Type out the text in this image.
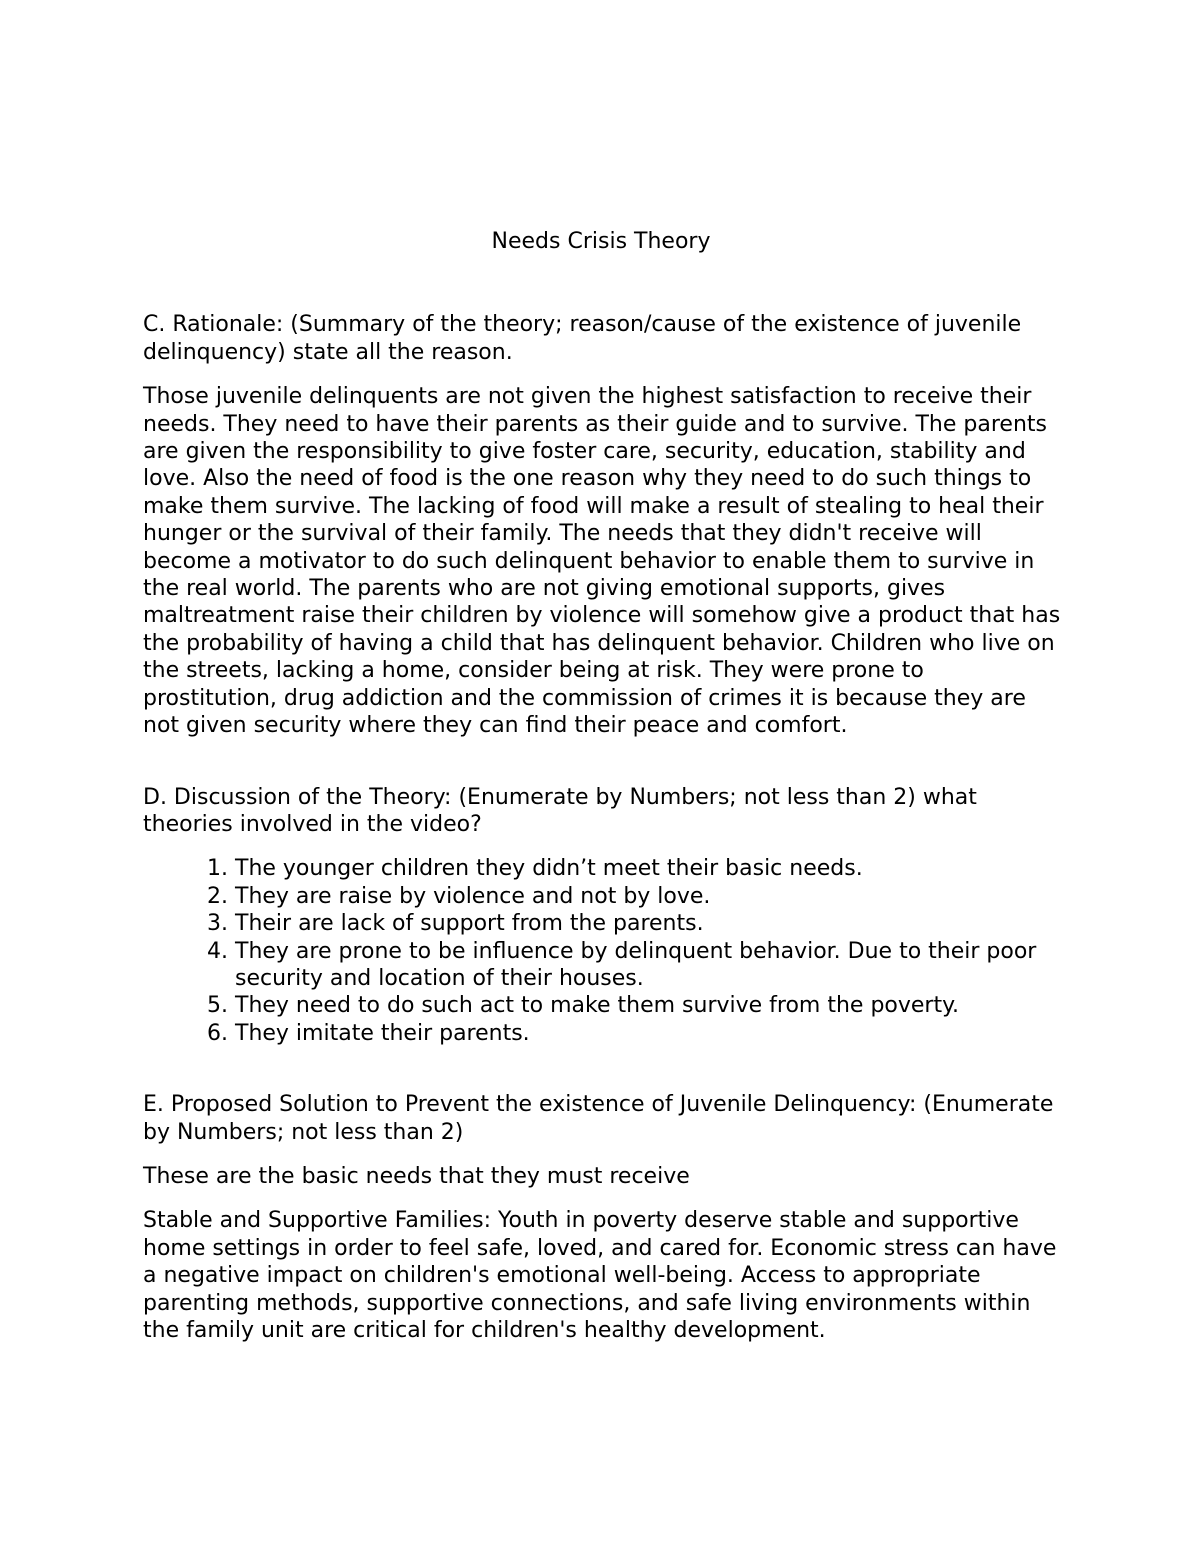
Needs Crisis Theory

C. Rationale: (Summary of the theory; reason/cause of the existence of juvenile delinquency) state all the reason.

Those juvenile delinquents are not given the highest satisfaction to receive their needs. They need to have their parents as their guide and to survive. The parents are given the responsibility to give foster care, security, education, stability and love. Also the need of food is the one reason why they need to do such things to make them survive. The lacking of food will make a result of stealing to heal their hunger or the survival of their family. The needs that they didn't receive will become a motivator to do such delinquent behavior to enable them to survive in the real world. The parents who are not giving emotional supports, gives maltreatment raise their children by violence will somehow give a product that has the probability of having a child that has delinquent behavior. Children who live on the streets, lacking a home, consider being at risk. They were prone to prostitution, drug addiction and the commission of crimes it is because they are not given security where they can find their peace and comfort.

D. Discussion of the Theory: (Enumerate by Numbers; not less than 2) what theories involved in the video?

1. The younger children they didn’t meet their basic needs.
2. They are raise by violence and not by love.
3. Their are lack of support from the parents.
4. They are prone to be influence by delinquent behavior. Due to their poor security and location of their houses.
5. They need to do such act to make them survive from the poverty.
6. They imitate their parents.

E. Proposed Solution to Prevent the existence of Juvenile Delinquency: (Enumerate by Numbers; not less than 2)

These are the basic needs that they must receive

Stable and Supportive Families: Youth in poverty deserve stable and supportive home settings in order to feel safe, loved, and cared for. Economic stress can have a negative impact on children's emotional well-being. Access to appropriate parenting methods, supportive connections, and safe living environments within the family unit are critical for children's healthy development.
